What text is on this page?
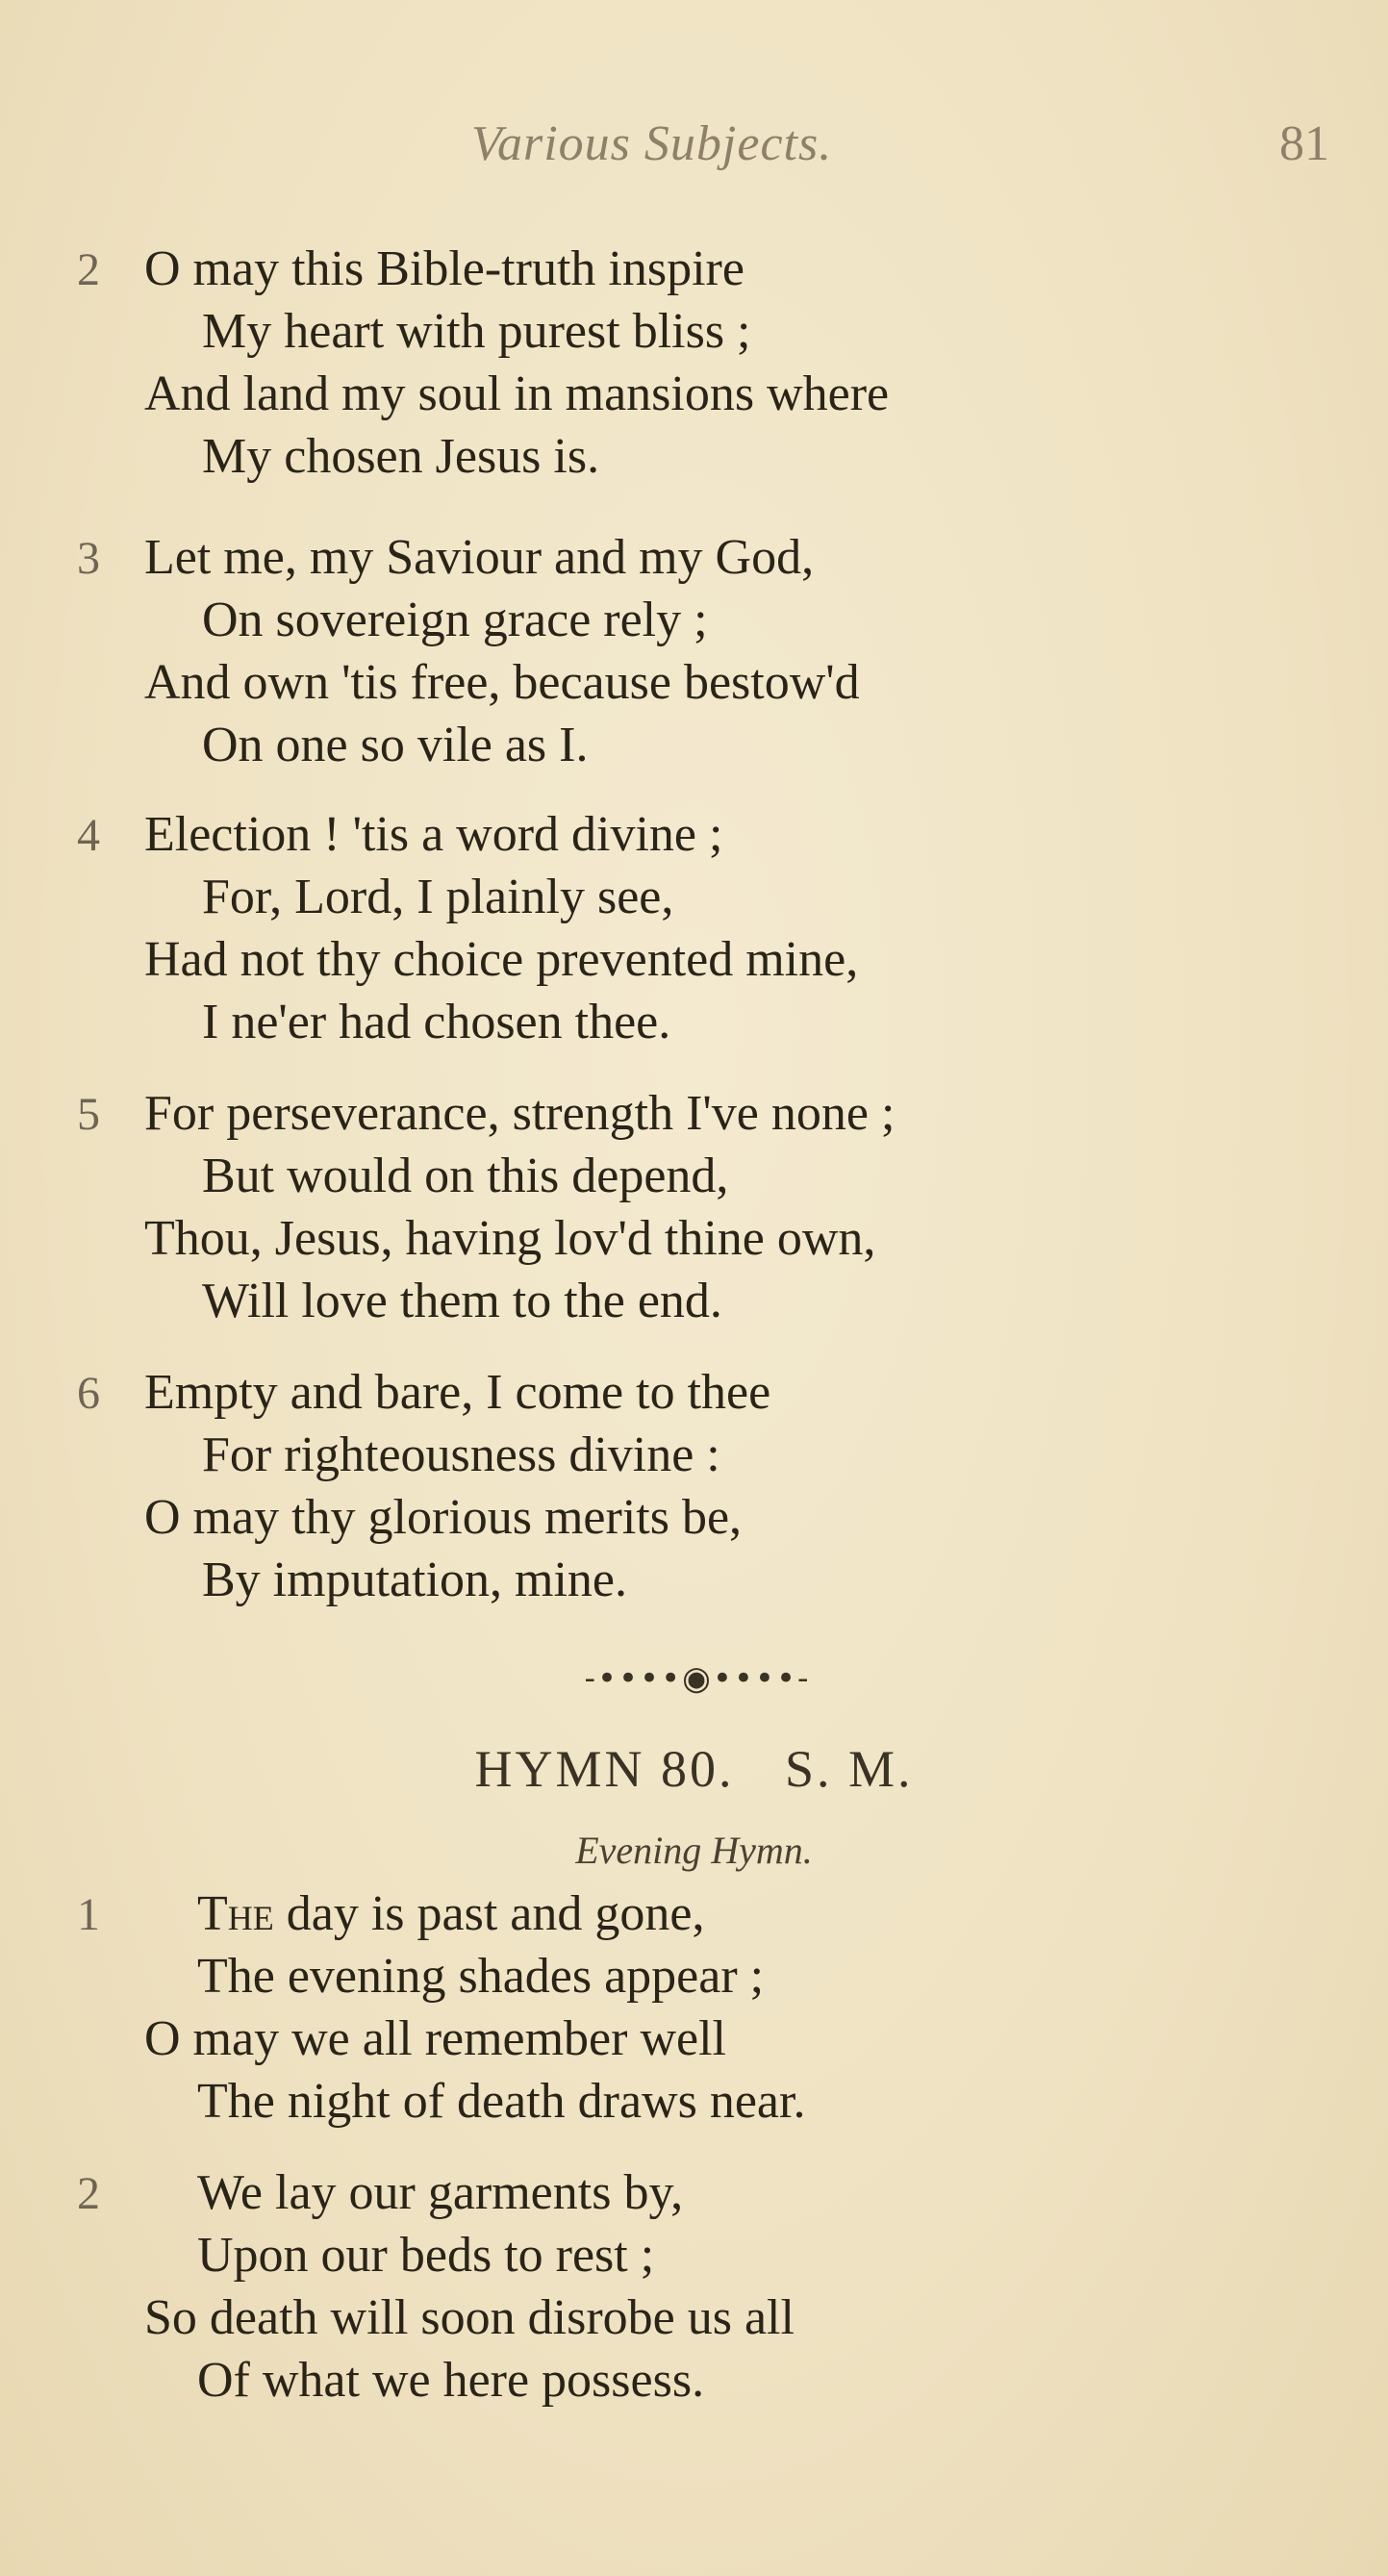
Various Subjects.	81
2 O may this Bible-truth inspire
My heart with purest bliss ;
And land my soul in mansions where
My chosen Jesus is.
3 Let me, my Saviour and my God,
On sovereign grace rely ;
And own 'tis free, because bestow'd
On one so vile as I.
4 Election ! 'tis a word divine ;
For, Lord, I plainly see,
Had not thy choice prevented mine,
I ne'er had chosen thee.
5 For perseverance, strength I've none ;
But would on this depend,
Thou, Jesus, having lov'd thine own,
Will love them to the end.
6 Empty and bare, I come to thee
For righteousness divine :
O may thy glorious merits be,
By imputation, mine.
-••••◉••••-
HYMN 80. S. M.
Evening Hymn.
1 The day is past and gone,
The evening shades appear ;
O may we all remember well
The night of death draws near.
2 We lay our garments by,
Upon our beds to rest ;
So death will soon disrobe us all
Of what we here possess.
